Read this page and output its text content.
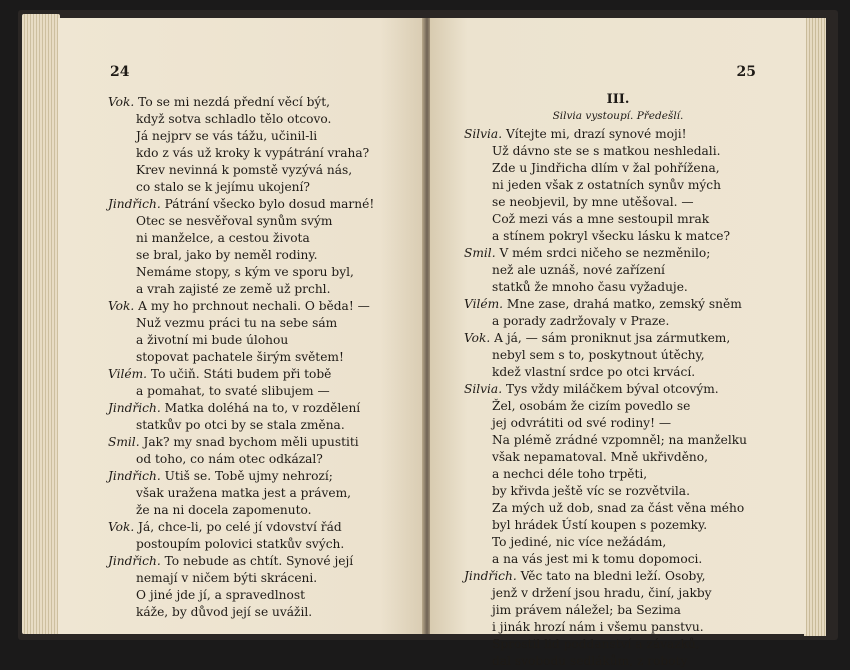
24
Vok. To se mi nezdá přední věcí být,
když sotva schladlo tělo otcovo.
Já nejprv se vás tážu, učinil-li
kdo z vás už kroky k vypátrání vraha?
Krev nevinná k pomstě vyzývá nás,
co stalo se k jejímu ukojení?
Jindřich. Pátrání všecko bylo dosud marné!
Otec se nesvěřoval synům svým
ni manželce, a cestou života
se bral, jako by neměl rodiny.
Nemáme stopy, s kým ve sporu byl,
a vrah zajisté ze země už prchl.
Vok. A my ho prchnout nechali. O běda! —
Nuž vezmu práci tu na sebe sám
a životní mi bude úlohou
stopovat pachatele širým světem!
Vilém. To učiň. Státi budem při tobě
a pomahat, to svaté slibujem —
Jindřich. Matka doléhá na to, v rozdělení
statkův po otci by se stala změna.
Smil. Jak? my snad bychom měli upustiti
od toho, co nám otec odkázal?
Jindřich. Utiš se. Tobě ujmy nehrozí;
však uražena matka jest a právem,
že na ni docela zapomenuto.
Vok. Já, chce-li, po celé jí vdovství řád
postoupím polovici statkův svých.
Jindřich. To nebude as chtít. Synové její
nemají v ničem býti skráceni.
O jiné jde jí, a spravedlnost
káže, by důvod její se uvážil.
25
III.
Silvia vystoupí. Předešlí.
Silvia. Vítejte mi, drazí synové moji!
Už dávno ste se s matkou neshledali.
Zde u Jindřicha dlím v žal pohřížena,
ni jeden však z ostatních synův mých
se neobjevil, by mne utěšoval. —
Což mezi vás a mne sestoupil mrak
a stínem pokryl všecku lásku k matce?
Smil. V mém srdci ničeho se nezměnilo;
než ale uznáš, nové zařízení
statků že mnoho času vyžaduje.
Vilém. Mne zase, drahá matko, zemský sněm
a porady zadržovaly v Praze.
Vok. A já, — sám proniknut jsa zármutkem,
nebyl sem s to, poskytnout útěchy,
kdež vlastní srdce po otci krvácí.
Silvia. Tys vždy miláčkem býval otcovým.
Žel, osobám že cizím povedlo se
jej odvrátiti od své rodiny! —
Na plémě zrádné vzpomněl; na manželku
však nepamatoval. Mně ukřivděno,
a nechci déle toho trpěti,
by křivda ještě víc se rozvětvila.
Za mých už dob, snad za část věna mého
byl hrádek Ústí koupen s pozemky.
To jediné, nic více nežádám,
a na vás jest mi k tomu dopomoci.
Jindřich. Věc tato na bledni leží. Osoby,
jenž v držení jsou hradu, činí, jakby
jim právem náležel; ba Sezima
i jinák hrozí nám i všemu panstvu.
Sprostil lid poddanství a závazků,
dal svobodu sedlákům, z roboty
